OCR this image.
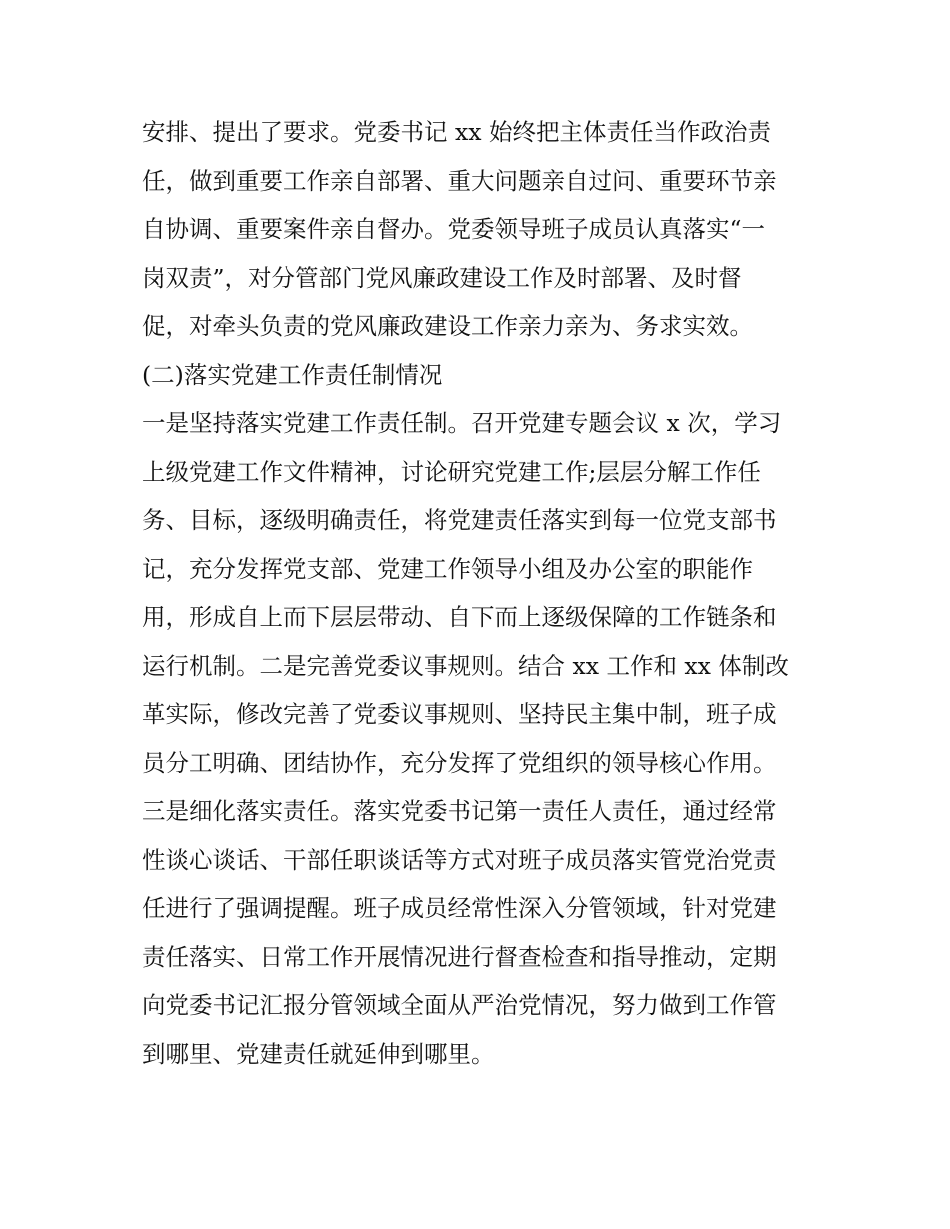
安排、提出了要求。党委书记 xx 始终把主体责任当作政治责
任，做到重要工作亲自部署、重大问题亲自过问、重要环节亲
自协调、重要案件亲自督办。党委领导班子成员认真落实“一
岗双责”，对分管部门党风廉政建设工作及时部署、及时督
促，对牵头负责的党风廉政建设工作亲力亲为、务求实效。
(二)落实党建工作责任制情况
一是坚持落实党建工作责任制。召开党建专题会议 x 次，学习
上级党建工作文件精神，讨论研究党建工作;层层分解工作任
务、目标，逐级明确责任，将党建责任落实到每一位党支部书
记，充分发挥党支部、党建工作领导小组及办公室的职能作
用，形成自上而下层层带动、自下而上逐级保障的工作链条和
运行机制。二是完善党委议事规则。结合 xx 工作和 xx 体制改
革实际，修改完善了党委议事规则、坚持民主集中制，班子成
员分工明确、团结协作，充分发挥了党组织的领导核心作用。
三是细化落实责任。落实党委书记第一责任人责任，通过经常
性谈心谈话、干部任职谈话等方式对班子成员落实管党治党责
任进行了强调提醒。班子成员经常性深入分管领域，针对党建
责任落实、日常工作开展情况进行督查检查和指导推动，定期
向党委书记汇报分管领域全面从严治党情况，努力做到工作管
到哪里、党建责任就延伸到哪里。
